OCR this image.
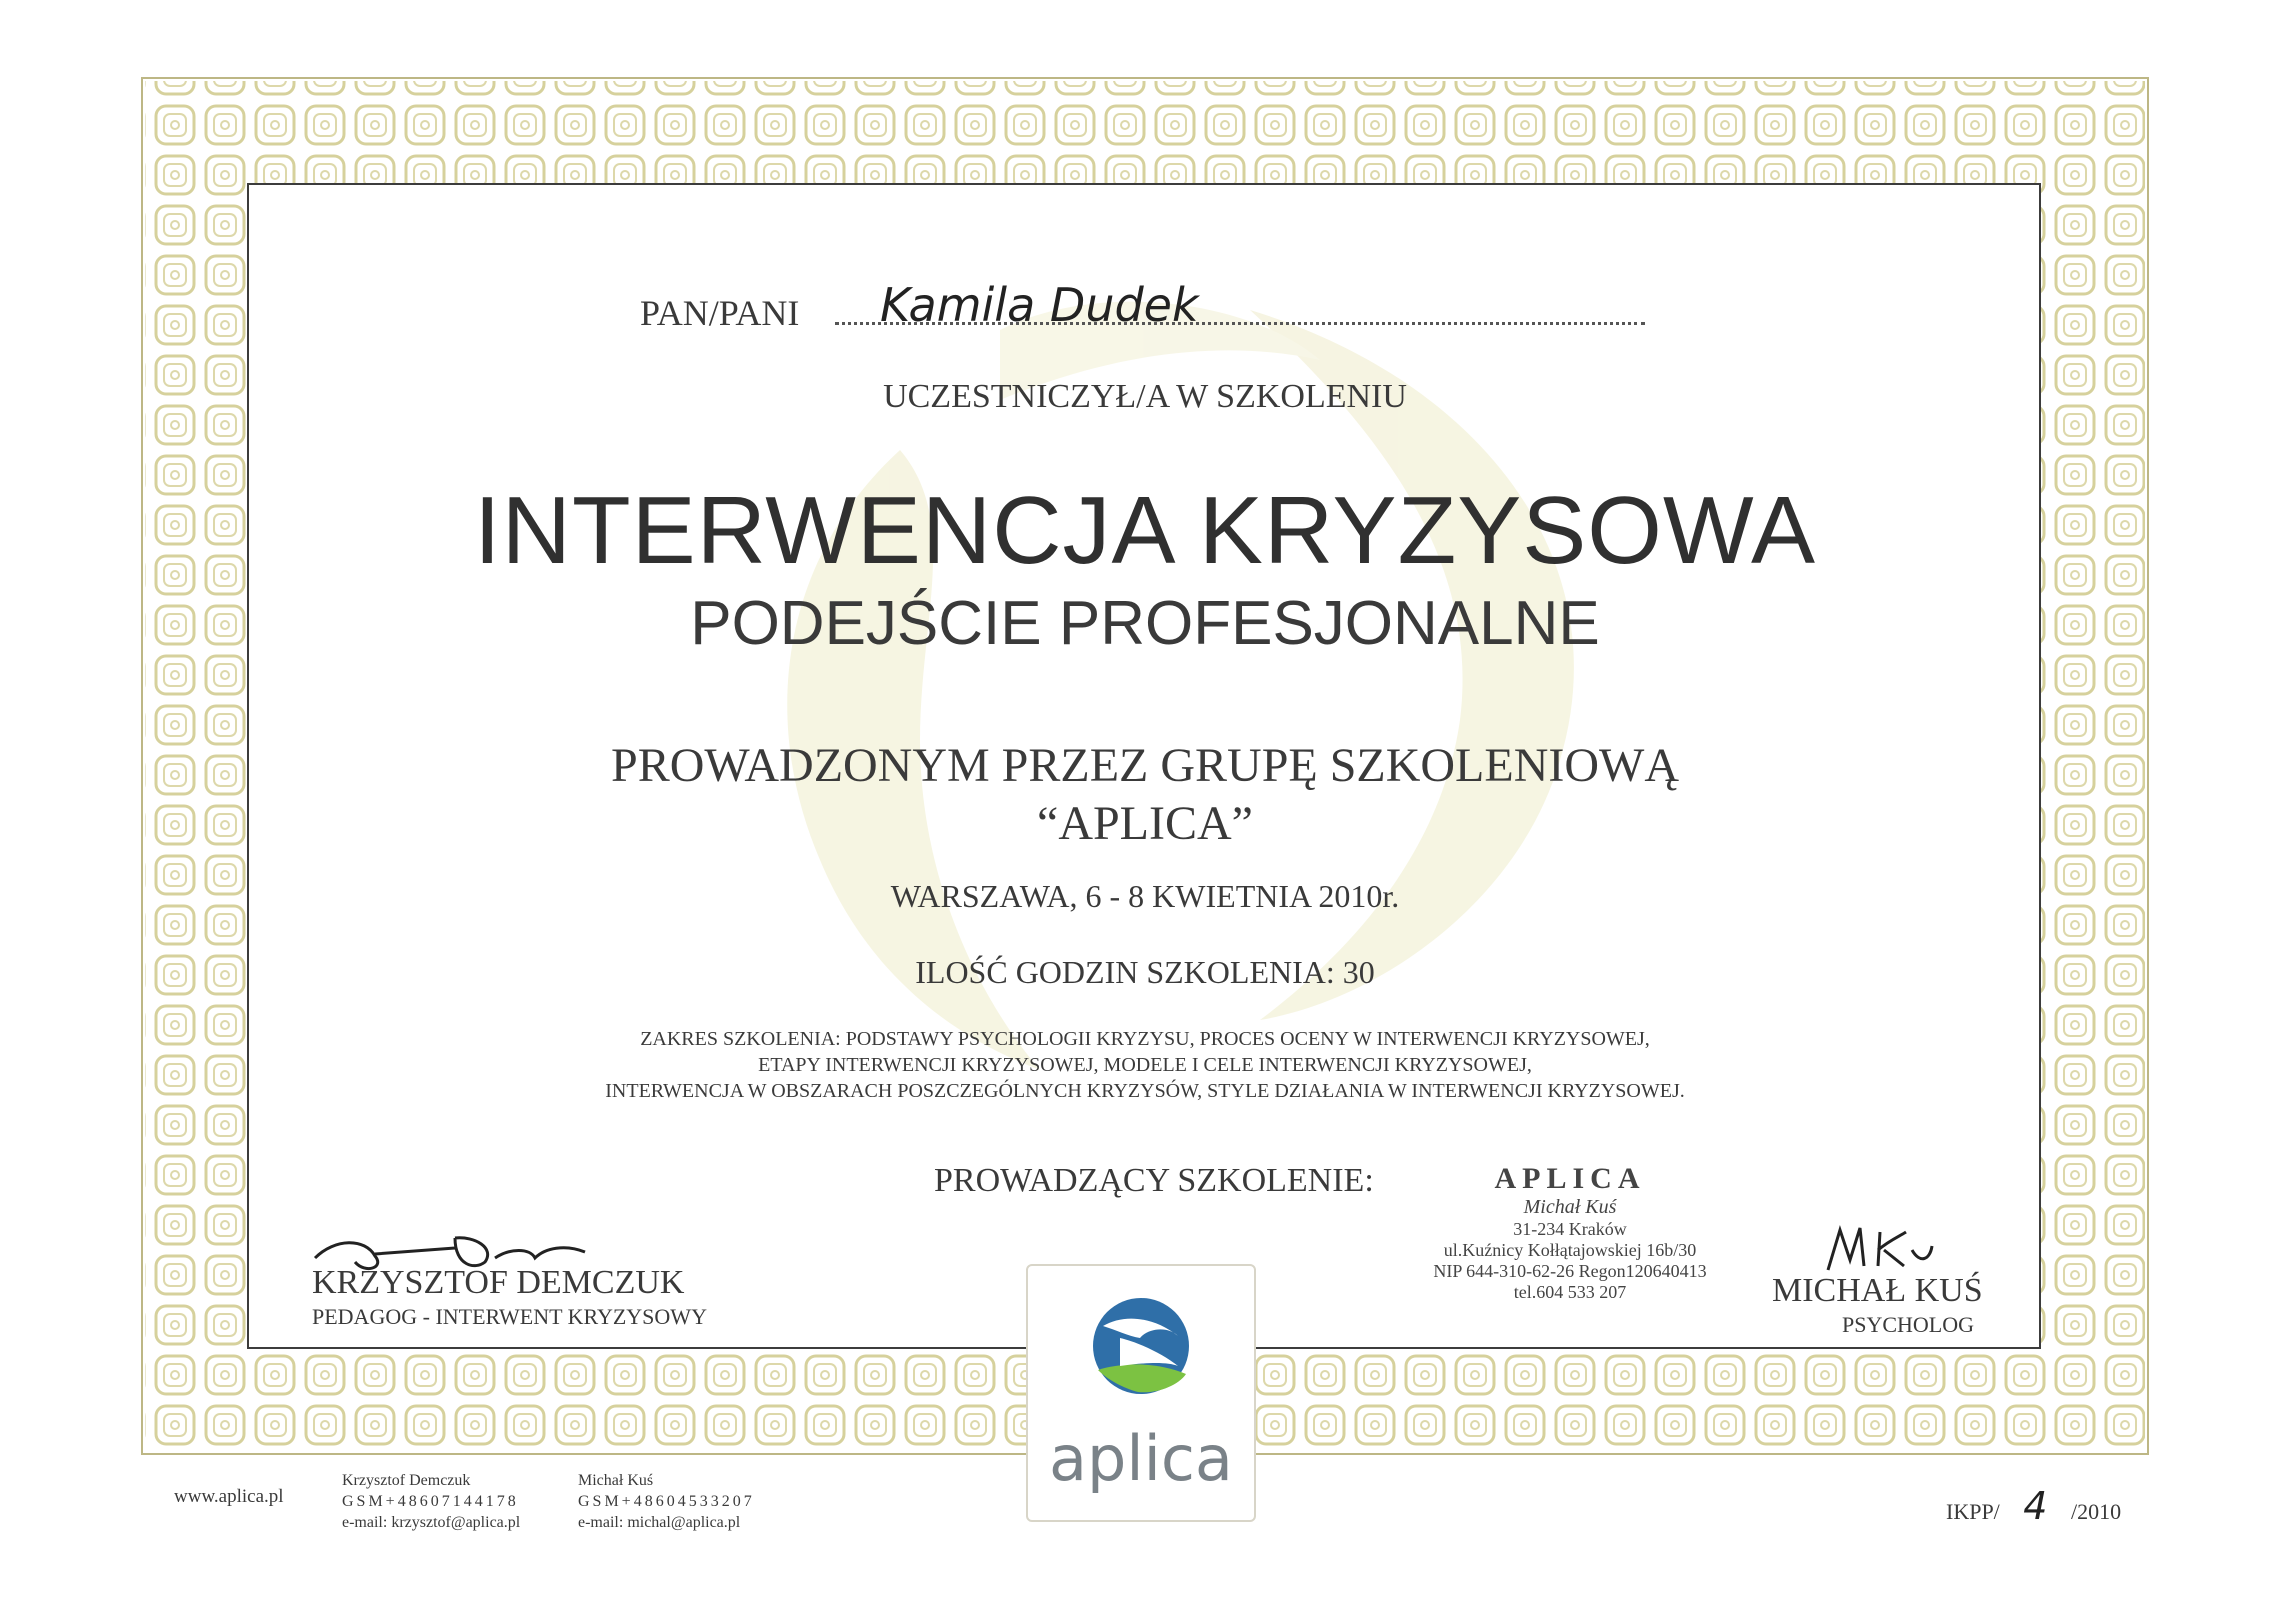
PAN/PANI Kamila Dudek
UCZESTNICZYŁ/A W SZKOLENIU
INTERWENCJA KRYZYSOWA
PODEJŚCIE PROFESJONALNE
PROWADZONYM PRZEZ GRUPĘ SZKOLENIOWĄ
“APLICA”
WARSZAWA, 6 - 8 KWIETNIA 2010r.
ILOŚĆ GODZIN SZKOLENIA: 30
ZAKRES SZKOLENIA: PODSTAWY PSYCHOLOGII KRYZYSU, PROCES OCENY W INTERWENCJI KRYZYSOWEJ,
ETAPY INTERWENCJI KRYZYSOWEJ, MODELE I CELE INTERWENCJI KRYZYSOWEJ,
INTERWENCJA W OBSZARACH POSZCZEGÓLNYCH KRYZYSÓW, STYLE DZIAŁANIA W INTERWENCJI KRYZYSOWEJ.
PROWADZĄCY SZKOLENIE:
KRZYSZTOF DEMCZUK
PEDAGOG - INTERWENT KRYZYSOWY
APLICA
Michał Kuś
31-234 Kraków
ul.Kuźnicy Kołłątajowskiej 16b/30
NIP 644-310-62-26 Regon120640413
tel.604 533 207	MICHAŁ KUŚ
PSYCHOLOG
aplica
www.aplica.pl
Krzysztof Demczuk
GSM+48607144178
e-mail: krzysztof@aplica.pl
Michał Kuś
GSM+48604533207
e-mail: michal@aplica.pl	IKPP/ 4 /2010
